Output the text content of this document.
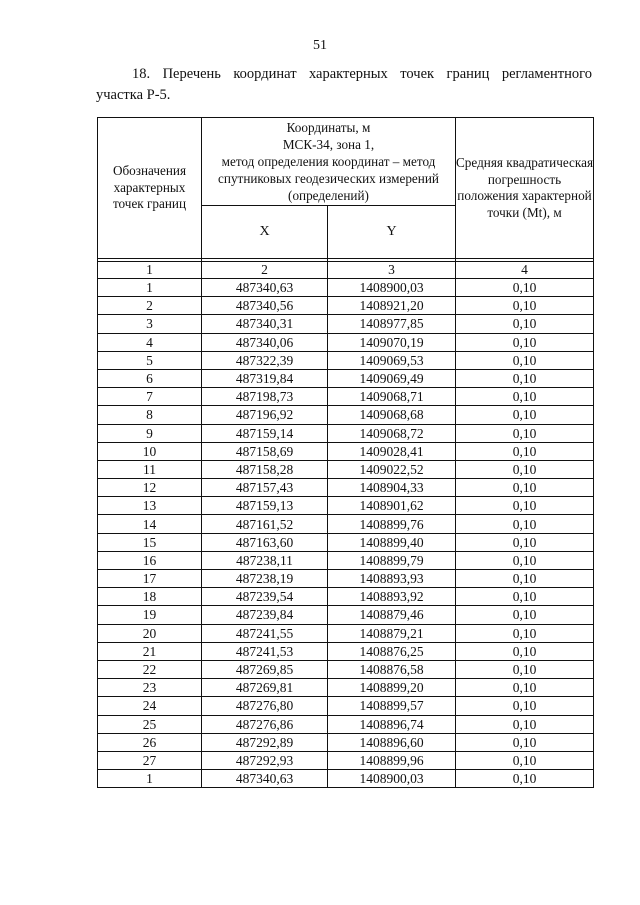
51
18. Перечень координат характерных точек границ регламентного
участка Р-5.
Обозначения характерных точек границ	Координаты, м
МСК-34, зона 1,
метод определения координат – метод
спутниковых геодезических измерений
(определений)		Средняя квадратическая погрешность положения характерной точки (Mt), м
	X	Y	

1	2	3	4
1	487340,63	1408900,03	0,10
2	487340,56	1408921,20	0,10
3	487340,31	1408977,85	0,10
4	487340,06	1409070,19	0,10
5	487322,39	1409069,53	0,10
6	487319,84	1409069,49	0,10
7	487198,73	1409068,71	0,10
8	487196,92	1409068,68	0,10
9	487159,14	1409068,72	0,10
10	487158,69	1409028,41	0,10
11	487158,28	1409022,52	0,10
12	487157,43	1408904,33	0,10
13	487159,13	1408901,62	0,10
14	487161,52	1408899,76	0,10
15	487163,60	1408899,40	0,10
16	487238,11	1408899,79	0,10
17	487238,19	1408893,93	0,10
18	487239,54	1408893,92	0,10
19	487239,84	1408879,46	0,10
20	487241,55	1408879,21	0,10
21	487241,53	1408876,25	0,10
22	487269,85	1408876,58	0,10
23	487269,81	1408899,20	0,10
24	487276,80	1408899,57	0,10
25	487276,86	1408896,74	0,10
26	487292,89	1408896,60	0,10
27	487292,93	1408899,96	0,10
1	487340,63	1408900,03	0,10
